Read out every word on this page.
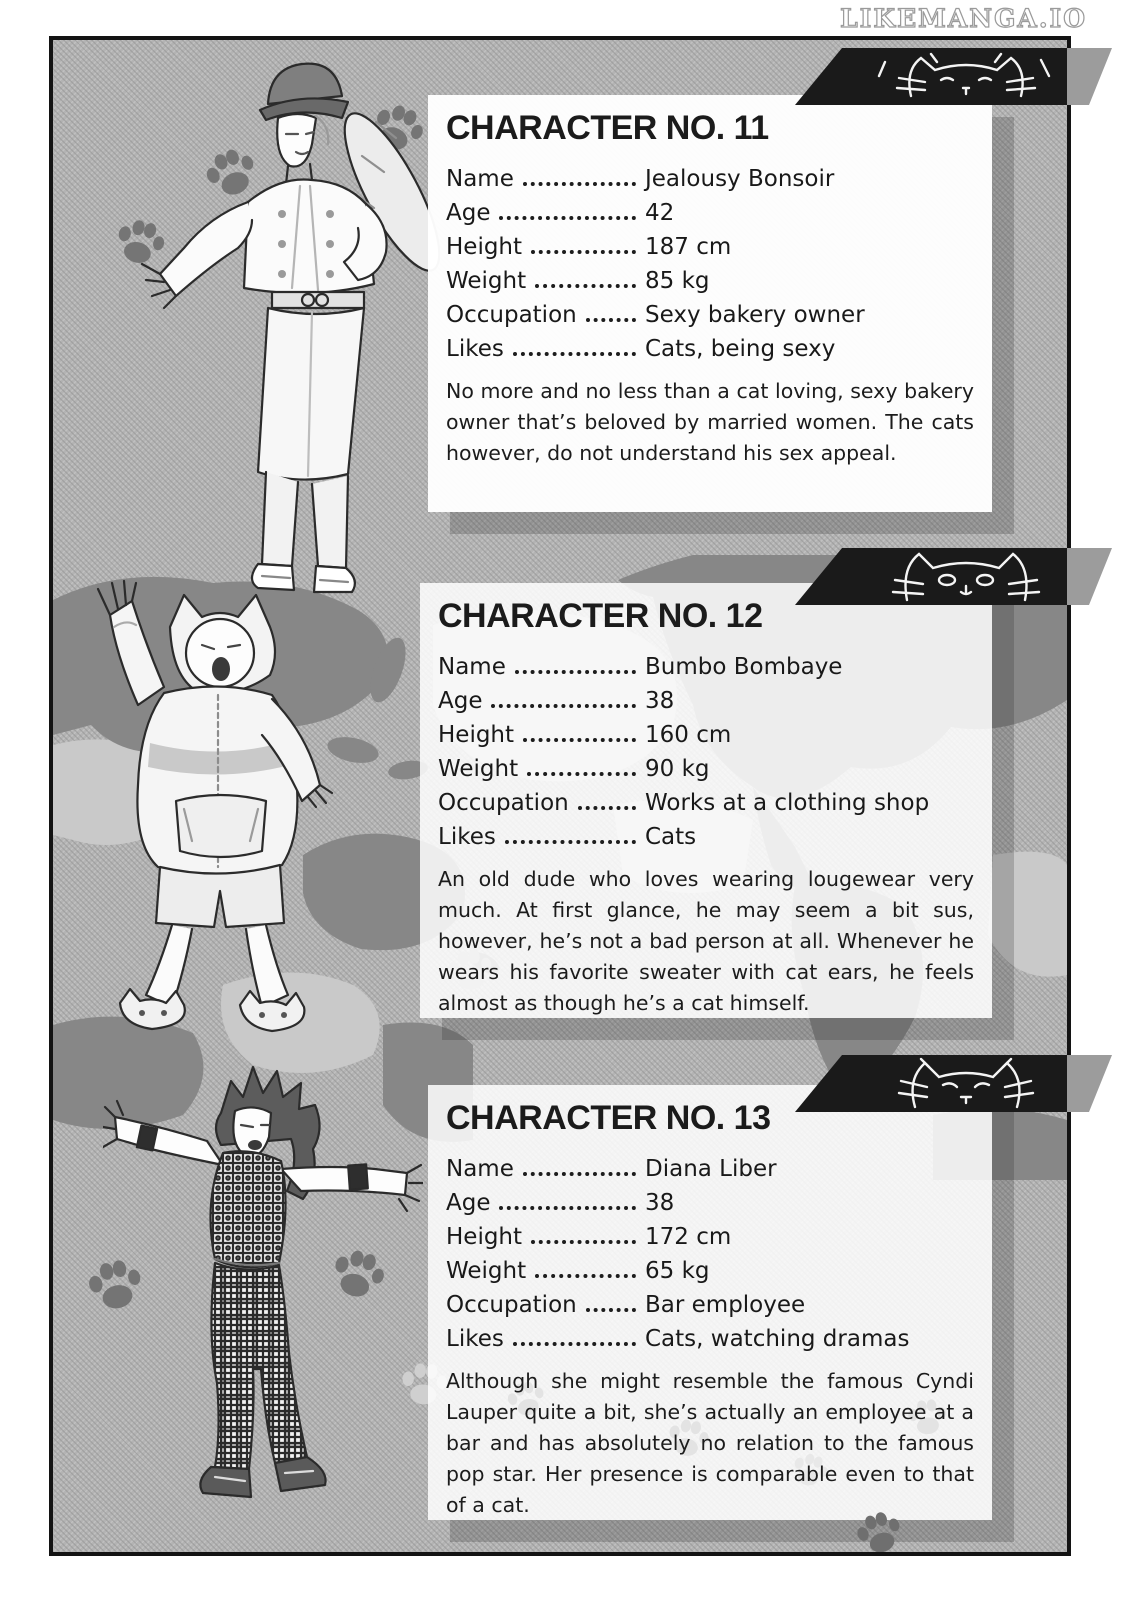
LIKEMANGA.IO
CHARACTER NO. 11
Name	Jealousy Bonsoir
Age	42
Height	187 cm
Weight	85 kg
Occupation	Sexy bakery owner
Likes	Cats, being sexy
No more and no less than a cat loving, sexy bakery owner that’s beloved by married women. The cats however, do not understand his sex appeal.
CHARACTER NO. 12
Name	Bumbo Bombaye
Age	38
Height	160 cm
Weight	90 kg
Occupation	Works at a clothing shop
Likes	Cats
An old dude who loves wearing lougewear very much. At first glance, he may seem a bit sus, however, he’s not a bad person at all. Whenever he wears his favorite sweater with cat ears, he feels almost as though he’s a cat himself.
CHARACTER NO. 13
Name	Diana Liber
Age	38
Height	172 cm
Weight	65 kg
Occupation	Bar employee
Likes	Cats, watching dramas
Although she might resemble the famous Cyndi Lauper quite a bit, she’s actually an employee at a bar and has absolutely no relation to the famous pop star. Her presence is comparable even to that of a cat.
